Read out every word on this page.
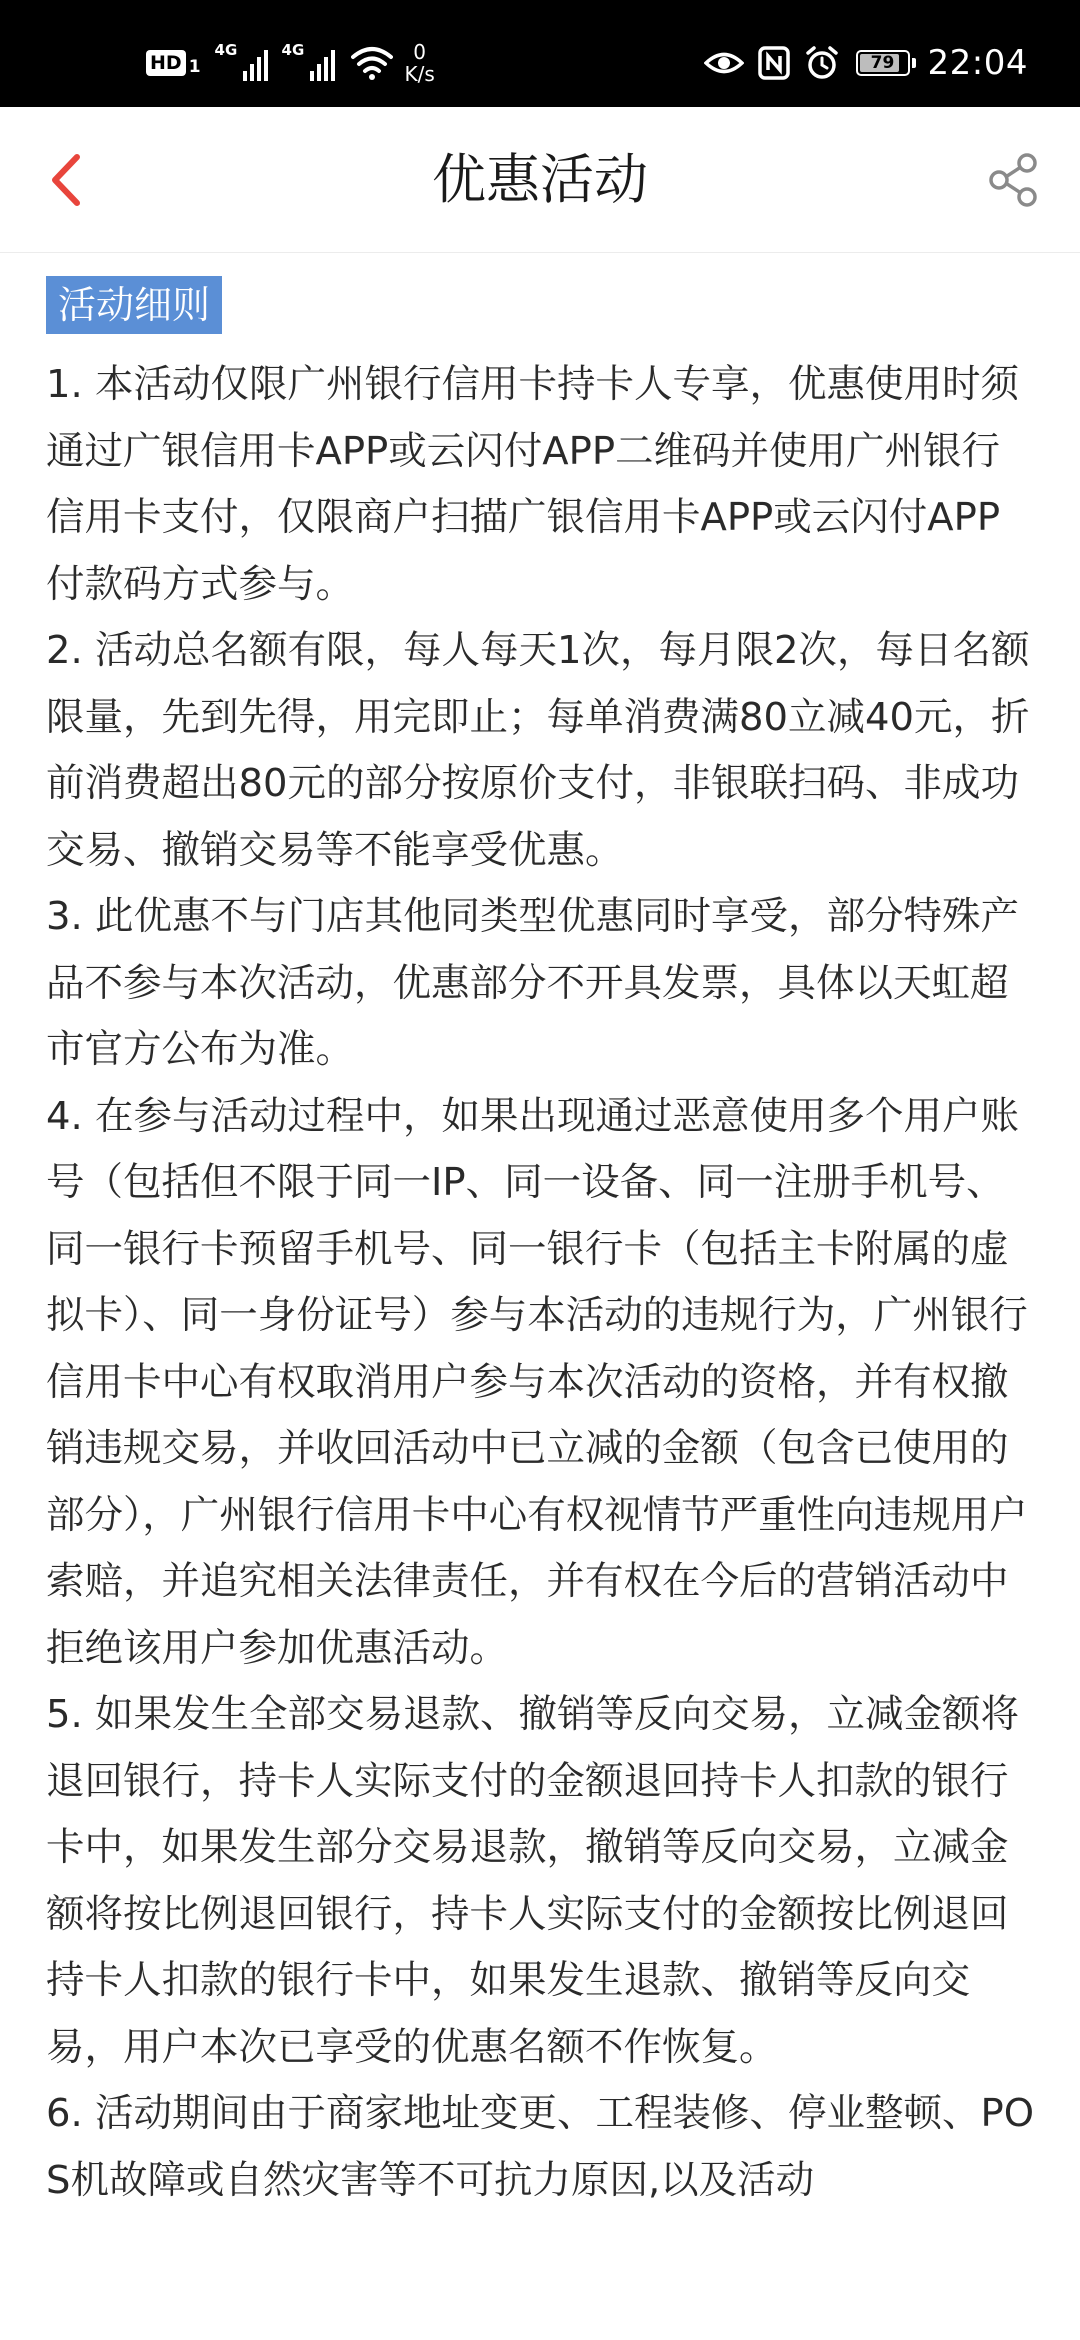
HD 1
4G	4G	0
K/s	79 22:04
优惠活动
活动细则

1. 本活动仅限广州银行信用卡持卡人专享，优惠使用时须通过广银信用卡APP或云闪付APP二维码并使用广州银行信用卡支付，仅限商户扫描广银信用卡APP或云闪付APP付款码方式参与。

2. 活动总名额有限，每人每天1次，每月限2次，每日名额限量，先到先得，用完即止；每单消费满80立减40元，折前消费超出80元的部分按原价支付，非银联扫码、非成功交易、撤销交易等不能享受优惠。

3. 此优惠不与门店其他同类型优惠同时享受，部分特殊产品不参与本次活动，优惠部分不开具发票，具体以天虹超市官方公布为准。

4. 在参与活动过程中，如果出现通过恶意使用多个用户账号（包括但不限于同一IP、同一设备、同一注册手机号、同一银行卡预留手机号、同一银行卡（包括主卡附属的虚拟卡）、同一身份证号）参与本活动的违规行为，广州银行信用卡中心有权取消用户参与本次活动的资格，并有权撤销违规交易，并收回活动中已立减的金额（包含已使用的部分），广州银行信用卡中心有权视情节严重性向违规用户索赔，并追究相关法律责任，并有权在今后的营销活动中拒绝该用户参加优惠活动。

5. 如果发生全部交易退款、撤销等反向交易，立减金额将退回银行，持卡人实际支付的金额退回持卡人扣款的银行卡中，如果发生部分交易退款，撤销等反向交易，立减金额将按比例退回银行，持卡人实际支付的金额按比例退回持卡人扣款的银行卡中，如果发生退款、撤销等反向交易，用户本次已享受的优惠名额不作恢复。

6. 活动期间由于商家地址变更、工程装修、停业整顿、POS机故障或自然灾害等不可抗力原因,以及活动
